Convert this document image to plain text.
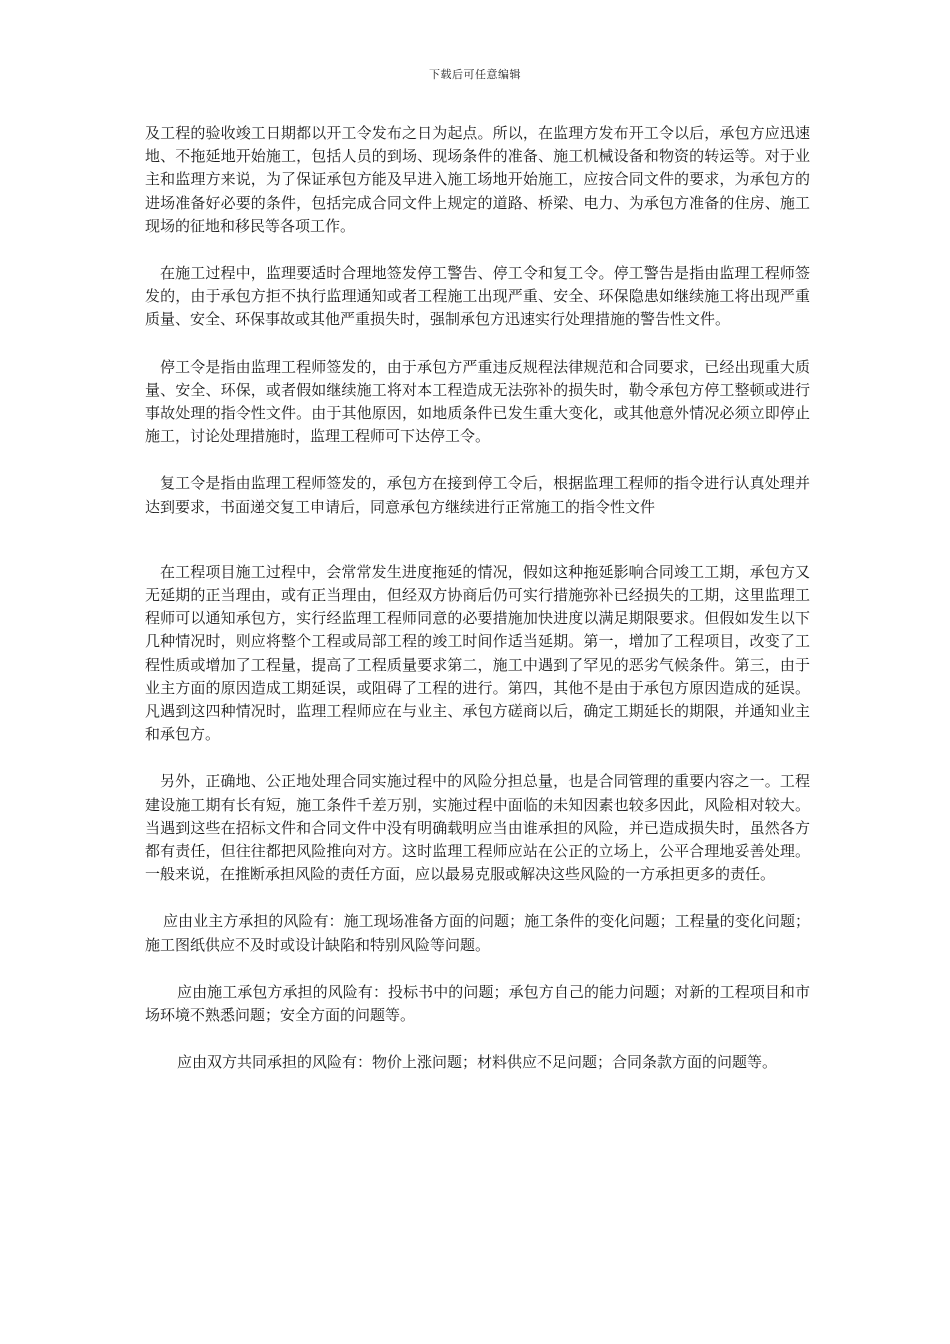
下载后可任意编辑

及工程的验收竣工日期都以开工令发布之日为起点。所以，在监理方发布开工令以后，承包方应迅速地、不拖延地开始施工，包括人员的到场、现场条件的准备、施工机械设备和物资的转运等。对于业主和监理方来说，为了保证承包方能及早进入施工场地开始施工，应按合同文件的要求，为承包方的进场准备好必要的条件，包括完成合同文件上规定的道路、桥梁、电力、为承包方准备的住房、施工现场的征地和移民等各项工作。

在施工过程中，监理要适时合理地签发停工警告、停工令和复工令。停工警告是指由监理工程师签发的，由于承包方拒不执行监理通知或者工程施工出现严重、安全、环保隐患如继续施工将出现严重质量、安全、环保事故或其他严重损失时，强制承包方迅速实行处理措施的警告性文件。

停工令是指由监理工程师签发的，由于承包方严重违反规程法律规范和合同要求，已经出现重大质量、安全、环保，或者假如继续施工将对本工程造成无法弥补的损失时，勒令承包方停工整顿或进行事故处理的指令性文件。由于其他原因，如地质条件已发生重大变化，或其他意外情况必须立即停止施工，讨论处理措施时，监理工程师可下达停工令。

复工令是指由监理工程师签发的，承包方在接到停工令后，根据监理工程师的指令进行认真处理并达到要求，书面递交复工申请后，同意承包方继续进行正常施工的指令性文件

在工程项目施工过程中，会常常发生进度拖延的情况，假如这种拖延影响合同竣工工期，承包方又无延期的正当理由，或有正当理由，但经双方协商后仍可实行措施弥补已经损失的工期，这里监理工程师可以通知承包方，实行经监理工程师同意的必要措施加快进度以满足期限要求。但假如发生以下几种情况时，则应将整个工程或局部工程的竣工时间作适当延期。第一，增加了工程项目，改变了工程性质或增加了工程量，提高了工程质量要求第二，施工中遇到了罕见的恶劣气候条件。第三，由于业主方面的原因造成工期延误，或阻碍了工程的进行。第四，其他不是由于承包方原因造成的延误。凡遇到这四种情况时，监理工程师应在与业主、承包方磋商以后，确定工期延长的期限，并通知业主和承包方。

另外，正确地、公正地处理合同实施过程中的风险分担总量，也是合同管理的重要内容之一。工程建设施工期有长有短，施工条件千差万别，实施过程中面临的未知因素也较多因此，风险相对较大。当遇到这些在招标文件和合同文件中没有明确载明应当由谁承担的风险，并已造成损失时，虽然各方都有责任，但往往都把风险推向对方。这时监理工程师应站在公正的立场上，公平合理地妥善处理。一般来说，在推断承担风险的责任方面，应以最易克服或解决这些风险的一方承担更多的责任。

应由业主方承担的风险有：施工现场准备方面的问题；施工条件的变化问题；工程量的变化问题；施工图纸供应不及时或设计缺陷和特别风险等问题。

应由施工承包方承担的风险有：投标书中的问题；承包方自己的能力问题；对新的工程项目和市场环境不熟悉问题；安全方面的问题等。

应由双方共同承担的风险有：物价上涨问题；材料供应不足问题；合同条款方面的问题等。
